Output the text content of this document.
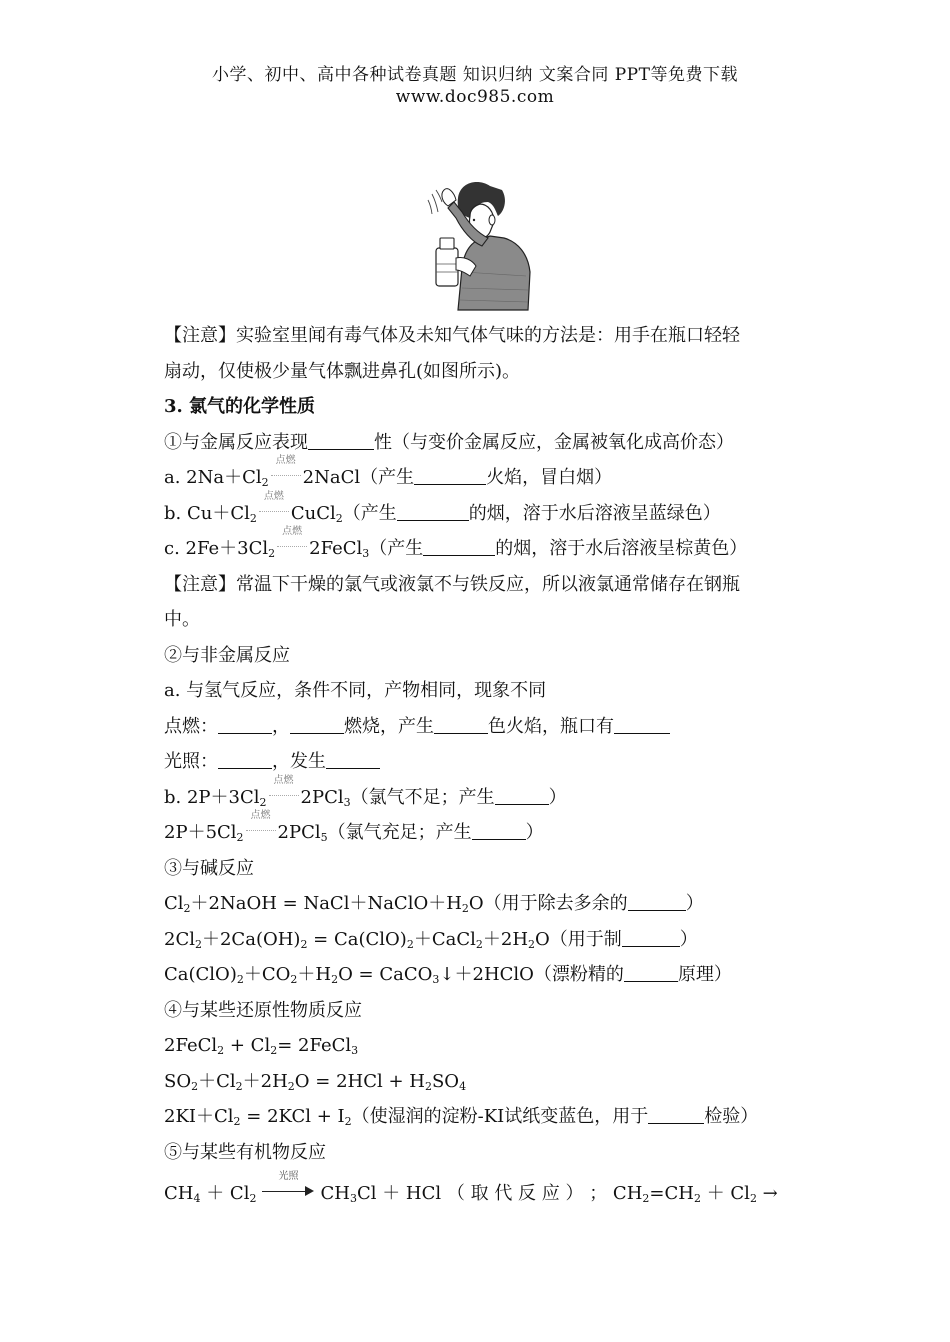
小学、初中、高中各种试卷真题 知识归纳 文案合同 PPT等免费下载
www.doc985.com
【注意】实验室里闻有毒气体及未知气体气味的方法是：用手在瓶口轻轻
扇动，仅使极少量气体飘进鼻孔(如图所示)。
3. 氯气的化学性质
①与金属反应表现	性（与变价金属反应，金属被氧化成高价态）
a. $2Na+Cl_2$
点燃
2NaCl（产生	火焰，冒白烟）
b. $Cu+Cl_2$
点燃
CuCl$_2$（产生	的烟，溶于水后溶液呈蓝绿色）
c. $2Fe+3Cl_2$
点燃
2FeCl$_3$（产生	的烟，溶于水后溶液呈棕黄色）
【注意】常温下干燥的氯气或液氯不与铁反应，所以液氯通常储存在钢瓶
中。
②与非金属反应
a. 与氢气反应，条件不同，产物相同，现象不同
点燃：	，	燃烧，产生	色火焰，瓶口有
光照：	，发生
b. $2P+3Cl_2$
点燃
2PCl$_3$（氯气不足；产生	）
$2P+5Cl_2$
点燃
2PCl$_5$（氯气充足；产生	）
③与碱反应
$Cl_2+2NaOH$ = $NaCl+NaClO+H_2O$（用于除去多余的	）
$2Cl_2+2Ca(OH)_2$ = $Ca(ClO)_2+CaCl_2+2H_2O$（用于制	）
$Ca(ClO)_2+CO_2+H_2O$ = CaCO$_3$↓＋2HClO（漂粉精的	原理）
④与某些还原性物质反应
2FeCl$_2$ + $Cl_2=$ 2FeCl$_3$
$SO_2+Cl_2+2H_2O = 2HCl + H_2SO_4$
$2KI+Cl_2 = 2KCl + I_2$（使湿润的淀粉-KI试纸变蓝色，用于	检验）
⑤与某些有机物反应
$CH_4 + Cl_2$
光照
$CH_3Cl$ ＋ HCl （ 取 代 反 应 ） ； $CH_2=CH_2 + Cl_2$ →
